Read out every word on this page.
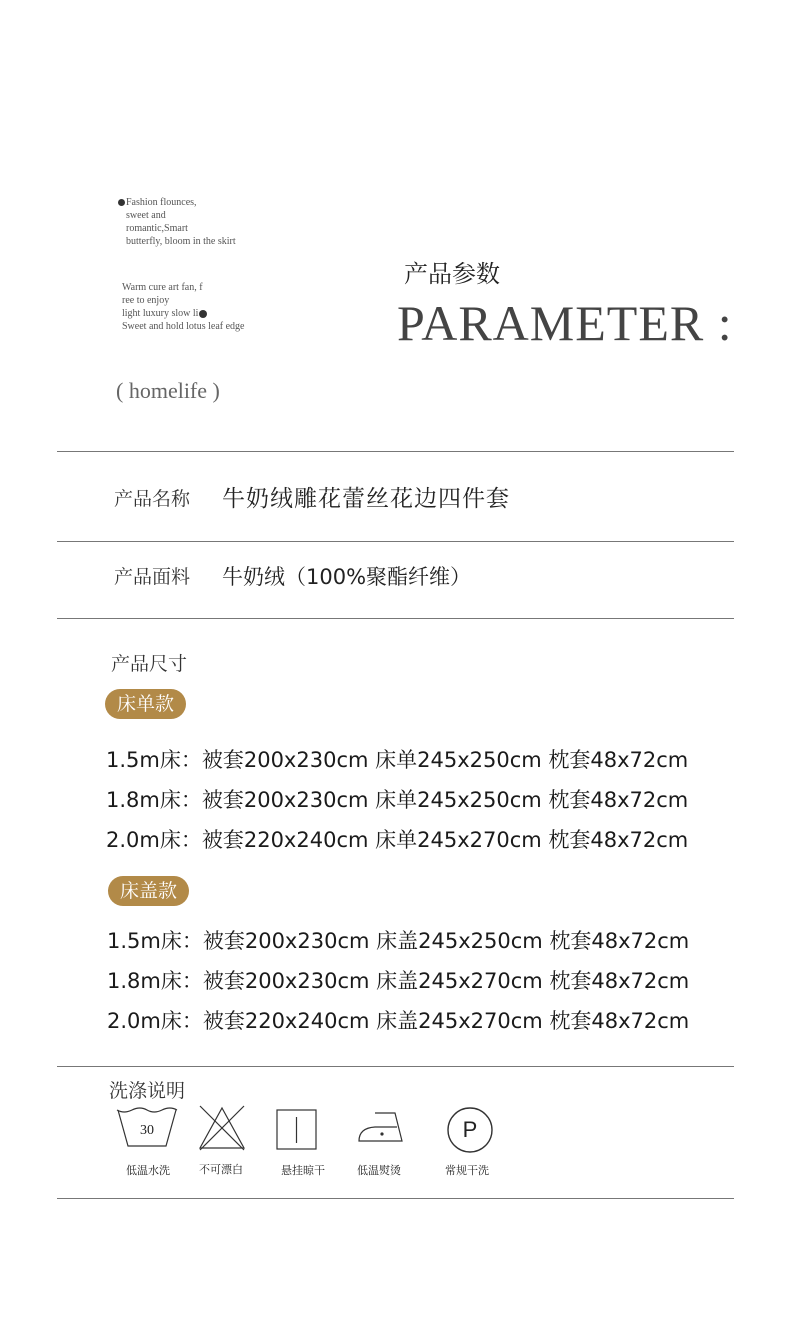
Fashion flounces,
sweet and
romantic,Smart
butterfly, bloom in the skirt
Warm cure art fan, f
ree to enjoy
light luxury slow li
Sweet and hold lotus leaf edge
产品参数
PARAMETER :
( homelife )
产品名称 牛奶绒雕花蕾丝花边四件套
产品面料 牛奶绒（100%聚酯纤维）
产品尺寸
床单款
1.5m床：被套200x230cm 床单245x250cm 枕套48x72cm
1.8m床：被套200x230cm 床单245x250cm 枕套48x72cm
2.0m床：被套220x240cm 床单245x270cm 枕套48x72cm
床盖款
1.5m床：被套200x230cm 床盖245x250cm 枕套48x72cm
1.8m床：被套200x230cm 床盖245x270cm 枕套48x72cm
2.0m床：被套220x240cm 床盖245x270cm 枕套48x72cm
洗涤说明
30
低温水洗	不可漂白	悬挂晾干	低温熨烫
P
常规干洗
